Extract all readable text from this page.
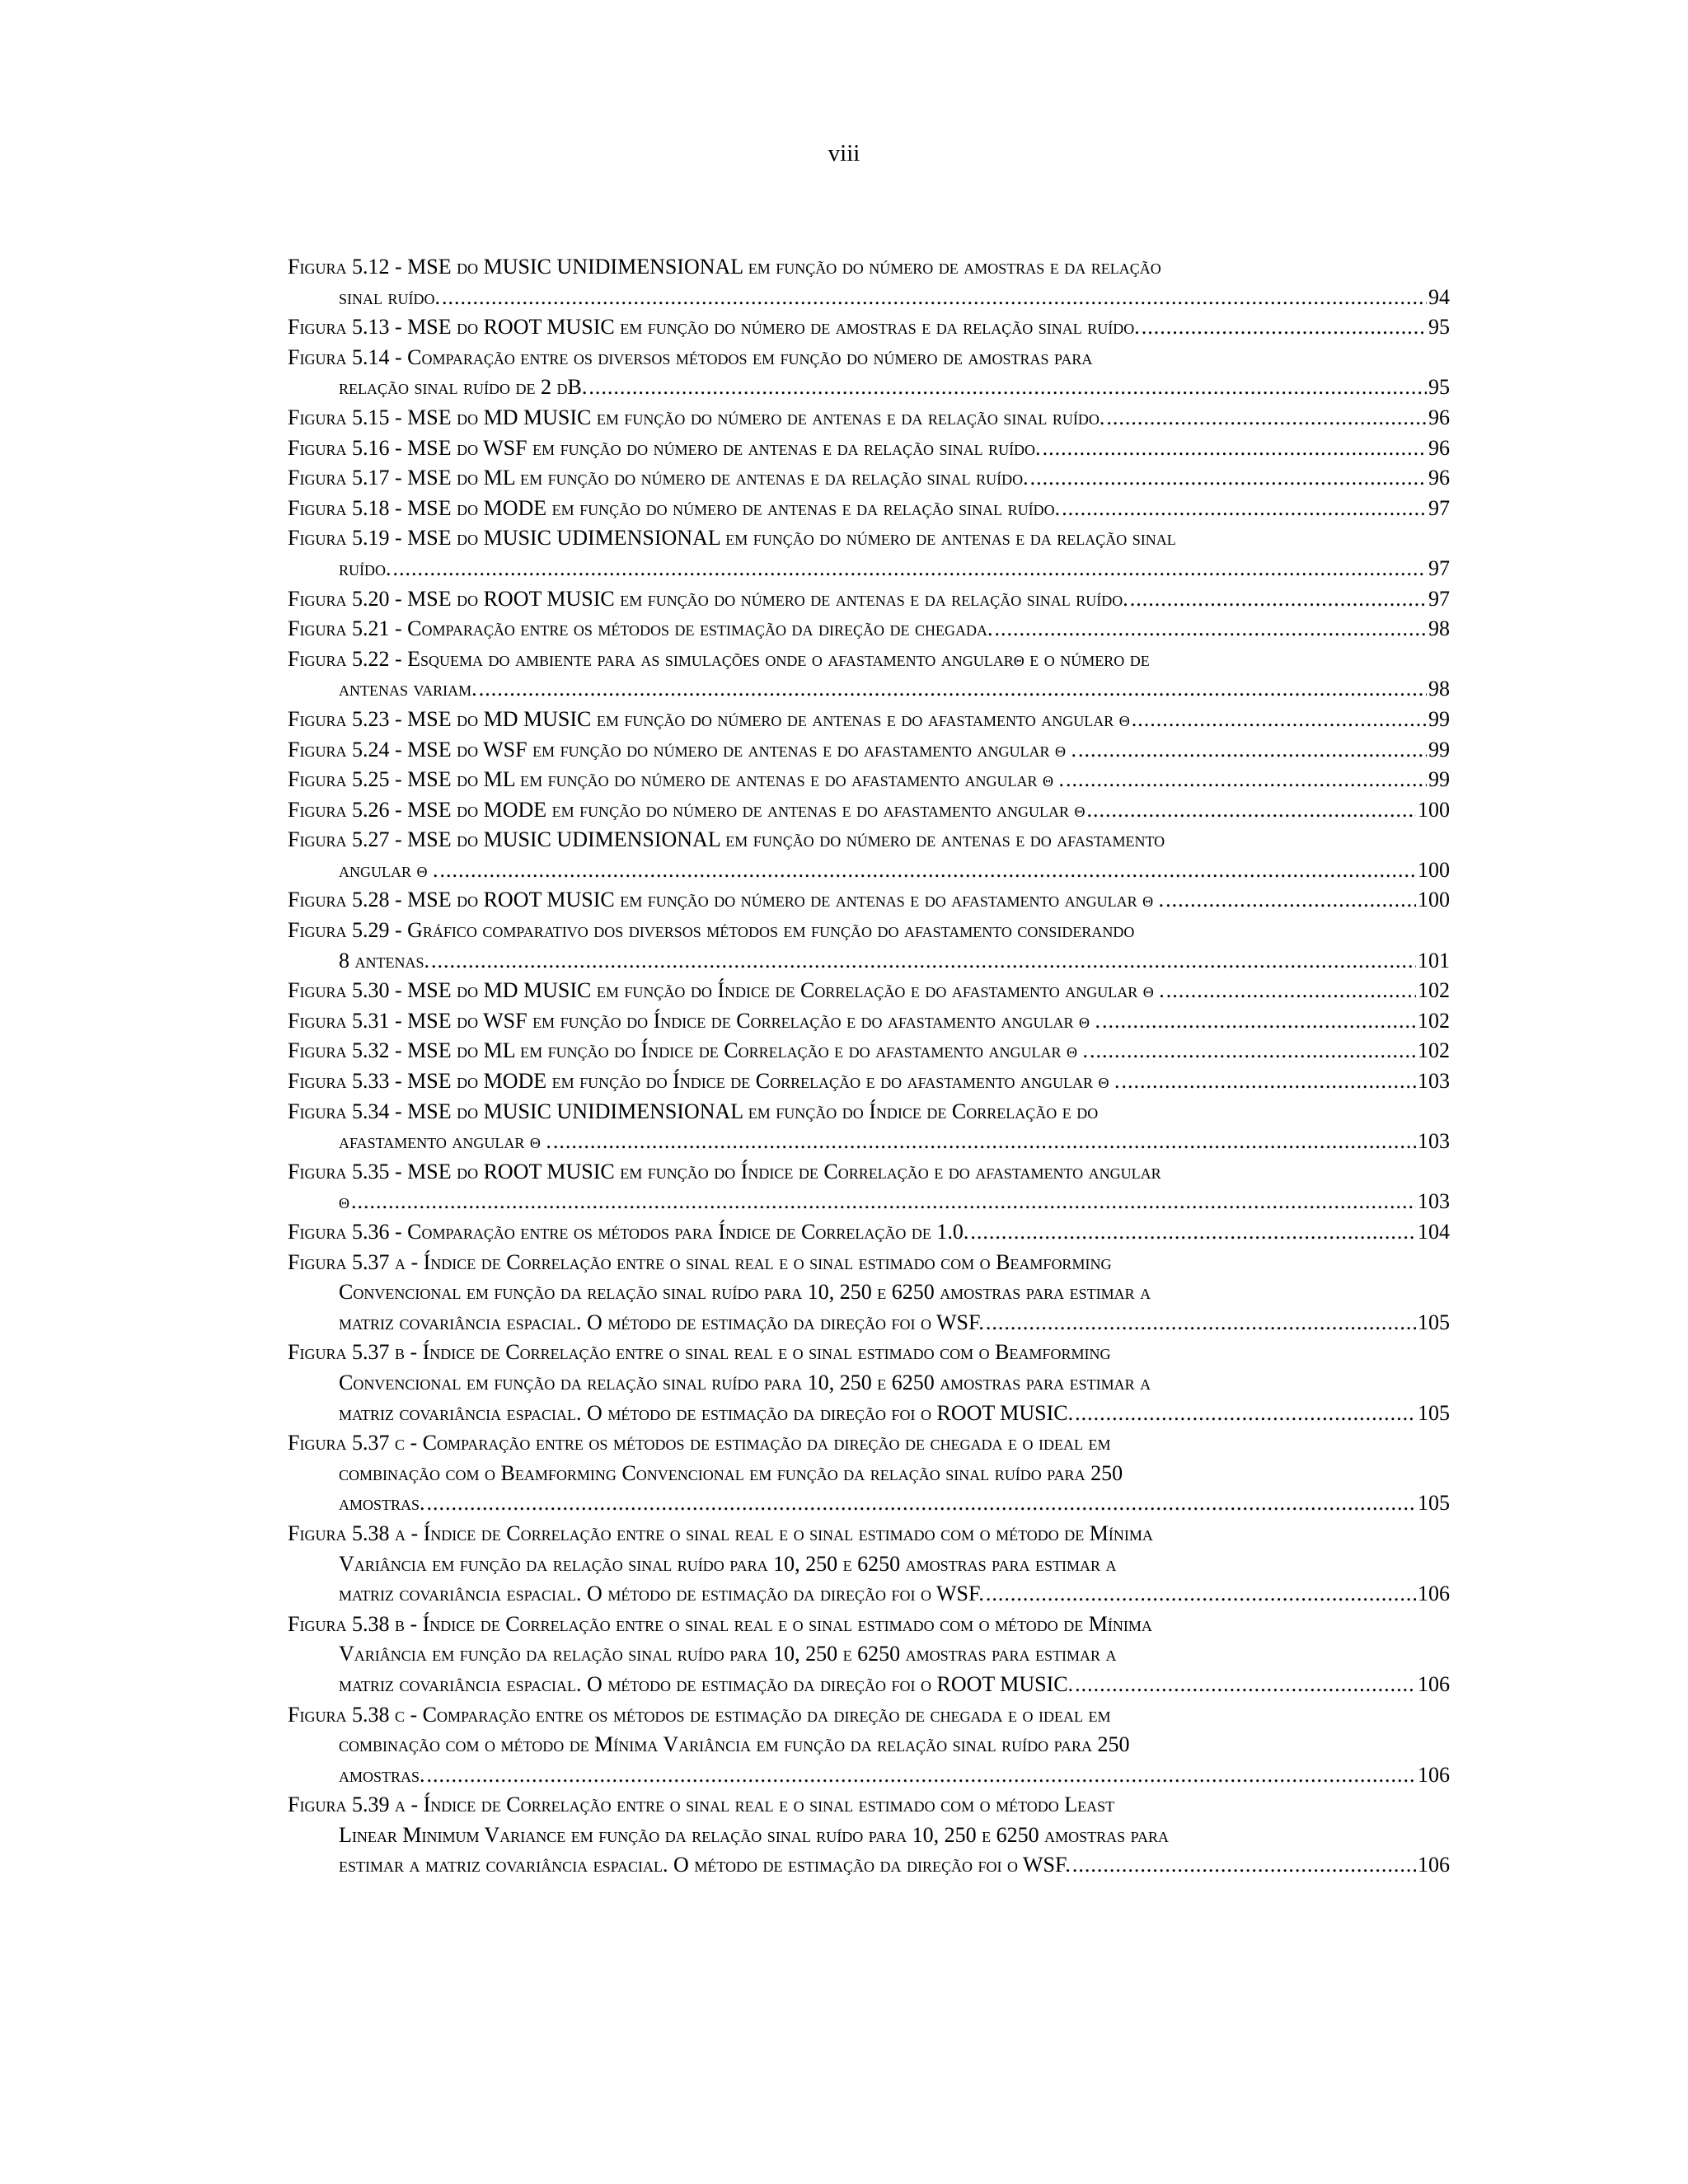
viii
Figura 5.12 - MSE do MUSIC UNIDIMENSIONAL em função do número de amostras e da relação
sinal ruído. .....	94
Figura 5.13 - MSE do ROOT MUSIC em função do número de amostras e da relação sinal ruído. .....	95
Figura 5.14 - Comparação entre os diversos métodos em função do número de amostras para
relação sinal ruído de 2 dB. .....	95
Figura 5.15 - MSE do MD MUSIC em função do número de antenas e da relação sinal ruído. .....	96
Figura 5.16 - MSE do WSF em função do número de antenas e da relação sinal ruído. .....	96
Figura 5.17 - MSE do ML em função do número de antenas e da relação sinal ruído. .....	96
Figura 5.18 - MSE do MODE em função do número de antenas e da relação sinal ruído. .....	97
Figura 5.19 - MSE do MUSIC UDIMENSIONAL em função do número de antenas e da relação sinal
ruído. .....	97
Figura 5.20 - MSE do ROOT MUSIC em função do número de antenas e da relação sinal ruído. .....	97
Figura 5.21 - Comparação entre os métodos de estimação da direção de chegada. .....	98
Figura 5.22 - Esquema do ambiente para as simulações onde o afastamento angularθ e o número de
antenas variam. .....	98
Figura 5.23 - MSE do MD MUSIC em função do número de antenas e do afastamento angular θ .....	99
Figura 5.24 - MSE do WSF em função do número de antenas e do afastamento angular θ . .....	99
Figura 5.25 - MSE do ML em função do número de antenas e do afastamento angular θ . .....	99
Figura 5.26 - MSE do MODE em função do número de antenas e do afastamento angular θ .....	100
Figura 5.27 - MSE do MUSIC UDIMENSIONAL em função do número de antenas e do afastamento
angular θ . .....	100
Figura 5.28 - MSE do ROOT MUSIC em função do número de antenas e do afastamento angular θ . .....	100
Figura 5.29 - Gráfico comparativo dos diversos métodos em função do afastamento considerando
8 antenas. .....	101
Figura 5.30 - MSE do MD MUSIC em função do Índice de Correlação e do afastamento angular θ . .....	102
Figura 5.31 - MSE do WSF em função do Índice de Correlação e do afastamento angular θ . .....	102
Figura 5.32 - MSE do ML em função do Índice de Correlação e do afastamento angular θ . .....	102
Figura 5.33 - MSE do MODE em função do Índice de Correlação e do afastamento angular θ . .....	103
Figura 5.34 - MSE do MUSIC UNIDIMENSIONAL em função do Índice de Correlação e do
afastamento angular θ . .....	103
Figura 5.35 - MSE do ROOT MUSIC em função do Índice de Correlação e do afastamento angular
θ .....	103
Figura 5.36 - Comparação entre os métodos para Índice de Correlação de 1.0. .....	104
Figura 5.37 a - Índice de Correlação entre o sinal real e o sinal estimado com o Beamforming
Convencional em função da relação sinal ruído para 10, 250 e 6250 amostras para estimar a
matriz covariância espacial. O método de estimação da direção foi o WSF. .....	105
Figura 5.37 b - Índice de Correlação entre o sinal real e o sinal estimado com o Beamforming
Convencional em função da relação sinal ruído para 10, 250 e 6250 amostras para estimar a
matriz covariância espacial. O método de estimação da direção foi o ROOT MUSIC. .....	105
Figura 5.37 c - Comparação entre os métodos de estimação da direção de chegada e o ideal em
combinação com o Beamforming Convencional em função da relação sinal ruído para 250
amostras. .....	105
Figura 5.38 a - Índice de Correlação entre o sinal real e o sinal estimado com o método de Mínima
Variância em função da relação sinal ruído para 10, 250 e 6250 amostras para estimar a
matriz covariância espacial. O método de estimação da direção foi o WSF. .....	106
Figura 5.38 b - Índice de Correlação entre o sinal real e o sinal estimado com o método de Mínima
Variância em função da relação sinal ruído para 10, 250 e 6250 amostras para estimar a
matriz covariância espacial. O método de estimação da direção foi o ROOT MUSIC. .....	106
Figura 5.38 c - Comparação entre os métodos de estimação da direção de chegada e o ideal em
combinação com o método de Mínima Variância em função da relação sinal ruído para 250
amostras. .....	106
Figura 5.39 a - Índice de Correlação entre o sinal real e o sinal estimado com o método Least
Linear Minimum Variance em função da relação sinal ruído para 10, 250 e 6250 amostras para
estimar a matriz covariância espacial. O método de estimação da direção foi o WSF. .....	106
